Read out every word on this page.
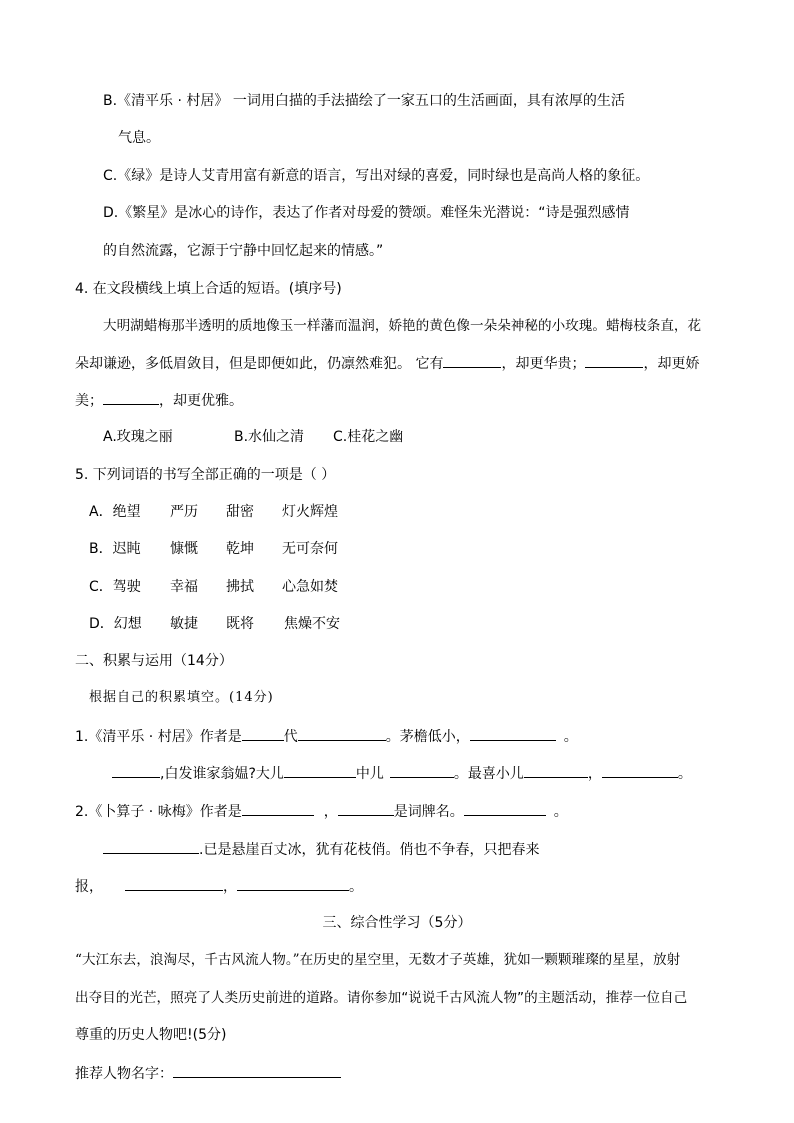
B.《清平乐 · 村居》 一词用白描的手法描绘了一家五口的生活画面，具有浓厚的生活
气息。
C.《绿》是诗人艾青用富有新意的语言，写出对绿的喜爱，同时绿也是高尚人格的象征。
D.《繁星》是冰心的诗作，表达了作者对母爱的赞颂。难怪朱光潜说：“诗是强烈感情
的自然流露，它源于宁静中回忆起来的情感。”
4. 在文段横线上填上合适的短语。(填序号)
大明湖蜡梅那半透明的质地像玉一样藩而温润，娇艳的黄色像一朵朵神秘的小玫瑰。蜡梅枝条直，花
朵却谦逊，多低眉敛目，但是即便如此，仍凛然难犯。 它有	，却更华贵；	，却更娇
美；	，却更优雅。
A.玫瑰之丽	B.水仙之清 C.桂花之幽
5. 下列词语的书写全部正确的一项是（ ）
A．绝望 严历 甜密 灯火辉煌
B．迟盹 慷慨 乾坤 无可奈何
C．驾驶 幸福 拂拭 心急如焚
D．幻想 敏捷 既将 焦燥不安
二、积累与运用（14分）
根据自己的积累填空。(14分)
1.《清平乐 · 村居》作者是	代	。茅檐低小，	。
,白发谁家翁媪?大儿	中儿	。最喜小儿	，	。
2.《卜算子 · 咏梅》作者是	，	是词牌名。	。
.已是悬崖百丈冰，犹有花枝俏。俏也不争春，只把春来
报，	，	。
三、综合性学习（5分）
“大江东去，浪淘尽，千古风流人物。”在历史的星空里，无数才子英雄，犹如一颗颗璀璨的星星，放射
出夺目的光芒，照亮了人类历史前进的道路。请你参加“说说千古风流人物”的主题活动，推荐一位自己
尊重的历史人物吧!(5分)
推荐人物名字：
